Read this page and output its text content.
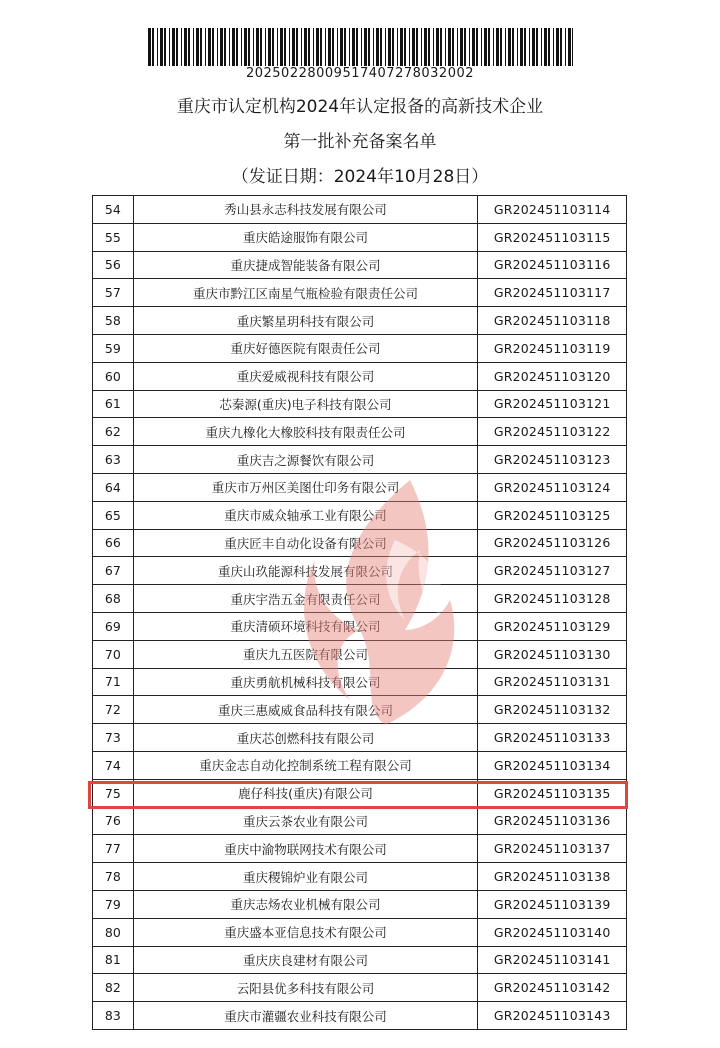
20250228009517407278032002
重庆市认定机构2024年认定报备的高新技术企业
第一批补充备案名单
（发证日期：2024年10月28日）
54	秀山县永志科技发展有限公司	GR202451103114
55	重庆皓途服饰有限公司	GR202451103115
56	重庆捷成智能装备有限公司	GR202451103116
57	重庆市黔江区南星气瓶检验有限责任公司	GR202451103117
58	重庆繁星玥科技有限公司	GR202451103118
59	重庆好德医院有限责任公司	GR202451103119
60	重庆爱威视科技有限公司	GR202451103120
61	芯秦源(重庆)电子科技有限公司	GR202451103121
62	重庆九橡化大橡胶科技有限责任公司	GR202451103122
63	重庆吉之源餐饮有限公司	GR202451103123
64	重庆市万州区美图仕印务有限公司	GR202451103124
65	重庆市威众轴承工业有限公司	GR202451103125
66	重庆匠丰自动化设备有限公司	GR202451103126
67	重庆山玖能源科技发展有限公司	GR202451103127
68	重庆宇浩五金有限责任公司	GR202451103128
69	重庆清硕环境科技有限公司	GR202451103129
70	重庆九五医院有限公司	GR202451103130
71	重庆勇航机械科技有限公司	GR202451103131
72	重庆三惠威威食品科技有限公司	GR202451103132
73	重庆芯创燃科技有限公司	GR202451103133
74	重庆金志自动化控制系统工程有限公司	GR202451103134
75	鹿仔科技(重庆)有限公司	GR202451103135
76	重庆云茶农业有限公司	GR202451103136
77	重庆中渝物联网技术有限公司	GR202451103137
78	重庆稷锦炉业有限公司	GR202451103138
79	重庆志炀农业机械有限公司	GR202451103139
80	重庆盛本亚信息技术有限公司	GR202451103140
81	重庆庆良建材有限公司	GR202451103141
82	云阳县优多科技有限公司	GR202451103142
83	重庆市灌疆农业科技有限公司	GR202451103143
